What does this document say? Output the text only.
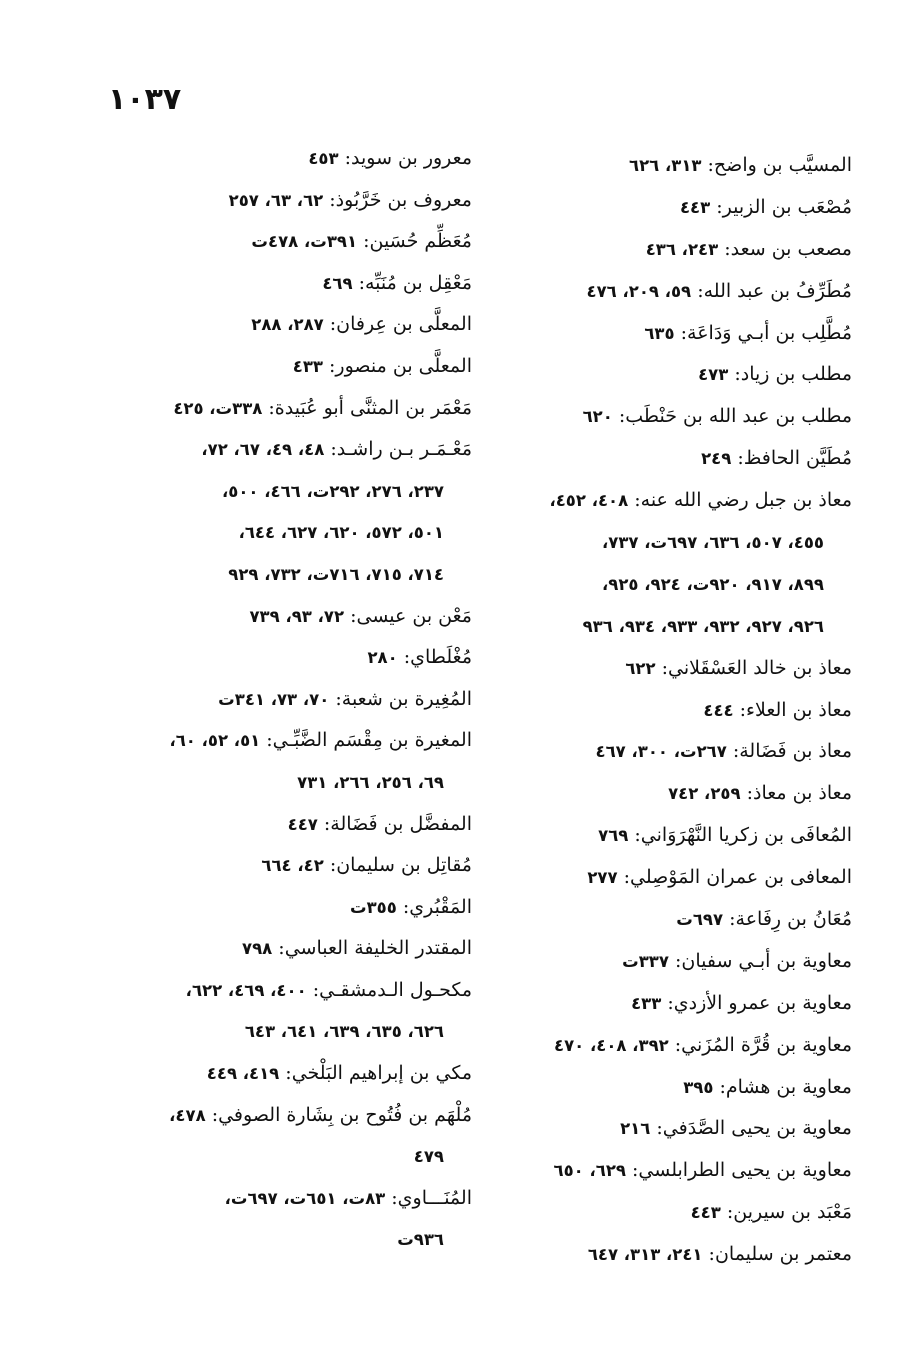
١٠٣٧
المسيَّب بن واضح: ٣١٣، ٦٢٦
مُصْعَب بن الزبير: ٤٤٣
مصعب بن سعد: ٢٤٣، ٤٣٦
مُطَرِّفُ بن عبد الله: ٥٩، ٢٠٩، ٤٧٦
مُطَّلِب بن أبـي وَدَاعَة: ٦٣٥
مطلب بن زياد: ٤٧٣
مطلب بن عبد الله بن حَنْطَب: ٦٢٠
مُطَيَّن الحافظ: ٢٤٩
معاذ بن جبل رضي الله عنه: ٤٠٨، ٤٥٢،
٤٥٥، ٥٠٧، ٦٣٦، ٦٩٧ت، ٧٣٧،
٨٩٩، ٩١٧، ٩٢٠ت، ٩٢٤، ٩٢٥،
٩٢٦، ٩٢٧، ٩٣٢، ٩٣٣، ٩٣٤، ٩٣٦
معاذ بن خالد العَسْقَلاني: ٦٢٢
معاذ بن العلاء: ٤٤٤
معاذ بن فَضَالة: ٢٦٧ت، ٣٠٠، ٤٦٧
معاذ بن معاذ: ٢٥٩، ٧٤٢
المُعافَى بن زكريا النَّهْرَوَاني: ٧٦٩
المعافى بن عمران المَوْصِلي: ٢٧٧
مُعَانُ بن رِفَاعة: ٦٩٧ت
معاوية بن أبـي سفيان: ٣٣٧ت
معاوية بن عمرو الأزدي: ٤٣٣
معاوية بن قُرَّة المُزَني: ٣٩٢، ٤٠٨، ٤٧٠
معاوية بن هشام: ٣٩٥
معاوية بن يحيى الصَّدَفي: ٢١٦
معاوية بن يحيى الطرابلسي: ٦٢٩، ٦٥٠
مَعْبَد بن سيرين: ٤٤٣
معتمر بن سليمان: ٢٤١، ٣١٣، ٦٤٧
معرور بن سويد: ٤٥٣
معروف بن خَرَّبُوذ: ٦٢، ٦٣، ٢٥٧
مُعَظِّم حُسَين: ٣٩١ت، ٤٧٨ت
مَعْقِل بن مُنَبِّه: ٤٦٩
المعلَّى بن عِرفان: ٢٨٧، ٢٨٨
المعلَّى بن منصور: ٤٣٣
مَعْمَر بن المثنَّى أبو عُبَيدة: ٣٣٨ت، ٤٢٥
مَعْـمَـر بـن راشـد: ٤٨، ٤٩، ٦٧، ٧٢،
٢٣٧، ٢٧٦، ٢٩٢ت، ٤٦٦، ٥٠٠،
٥٠١، ٥٧٢، ٦٢٠، ٦٢٧، ٦٤٤،
٧١٤، ٧١٥، ٧١٦ت، ٧٣٢، ٩٢٩
مَعْن بن عيسى: ٧٢، ٩٣، ٧٣٩
مُغْلَطاي: ٢٨٠
المُغِيرة بن شعبة: ٧٠، ٧٣، ٣٤١ت
المغيرة بن مِقْسَم الضَّبِّـي: ٥١، ٥٢، ٦٠،
٦٩، ٢٥٦، ٢٦٦، ٧٣١
المفضَّل بن فَضَالة: ٤٤٧
مُقاتِل بن سليمان: ٤٢، ٦٦٤
المَقْبُري: ٣٥٥ت
المقتدر الخليفة العباسي: ٧٩٨
مكحـول الـدمشقـي: ٤٠٠، ٤٦٩، ٦٢٢،
٦٢٦، ٦٣٥، ٦٣٩، ٦٤١، ٦٤٣
مكي بن إبراهيم البَلْخي: ٤١٩، ٤٤٩
مُلْهَم بن فُتُوح بن بِشَارة الصوفي: ٤٧٨،
٤٧٩
المُنَـــاوي: ٨٣ت، ٦٥١ت، ٦٩٧ت،
٩٣٦ت
